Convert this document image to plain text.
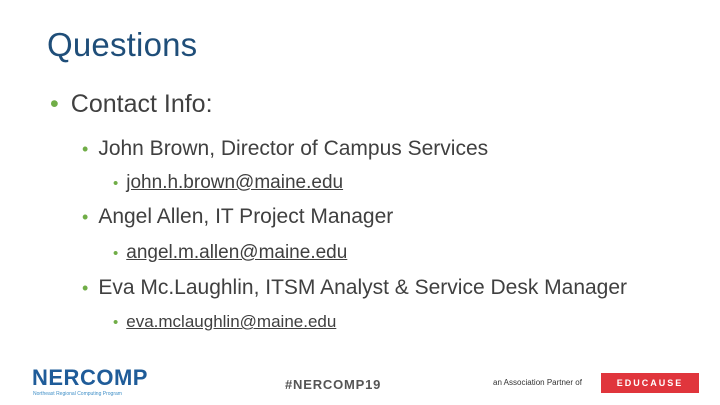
Questions
• Contact Info:
• John Brown, Director of Campus Services
• john.h.brown@maine.edu
• Angel Allen, IT Project Manager
• angel.m.allen@maine.edu
• Eva Mc.Laughlin, ITSM Analyst & Service Desk Manager
• eva.mclaughlin@maine.edu
NERCOMP
Northeast Regional Computing Program
#NERCOMP19	an Association Partner of	EDUCAUSE
